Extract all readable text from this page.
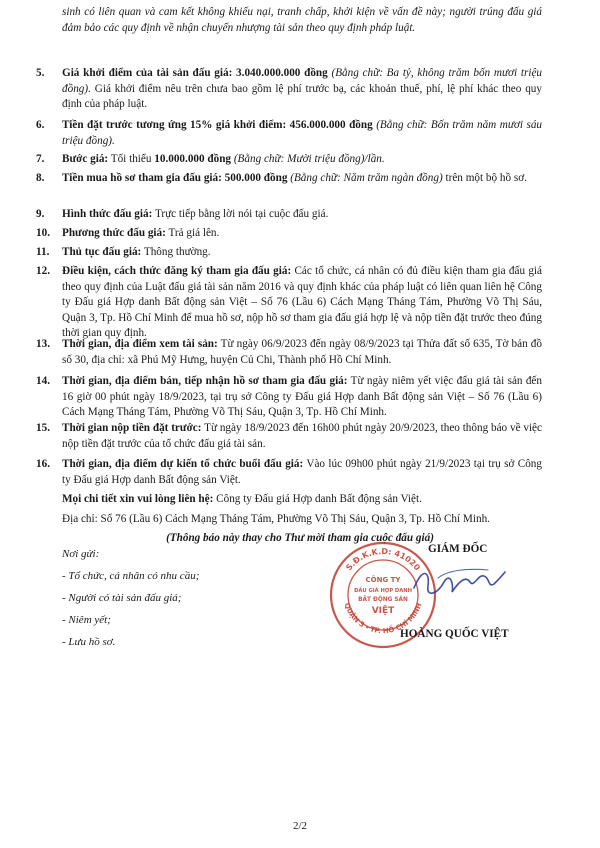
sinh có liên quan và cam kết không khiếu nại, tranh chấp, khởi kiện về vấn đề này; người trúng đấu giá đảm bảo các quy định về nhận chuyển nhượng tài sản theo quy định pháp luật.
5. Giá khởi điểm của tài sản đấu giá: 3.040.000.000 đồng (Bằng chữ: Ba tỷ, không trăm bốn mươi triệu đồng). Giá khởi điểm nêu trên chưa bao gồm lệ phí trước bạ, các khoản thuế, phí, lệ phí khác theo quy định của pháp luật.
6. Tiền đặt trước tương ứng 15% giá khởi điểm: 456.000.000 đồng (Bằng chữ: Bốn trăm năm mươi sáu triệu đồng).
7. Bước giá: Tối thiểu 10.000.000 đồng (Bằng chữ: Mười triệu đồng)/lần.
8. Tiền mua hồ sơ tham gia đấu giá: 500.000 đồng (Bằng chữ: Năm trăm ngàn đồng) trên một bộ hồ sơ.
9. Hình thức đấu giá: Trực tiếp bằng lời nói tại cuộc đấu giá.
10. Phương thức đấu giá: Trả giá lên.
11. Thủ tục đấu giá: Thông thường.
12. Điều kiện, cách thức đăng ký tham gia đấu giá: Các tổ chức, cá nhân có đủ điều kiện tham gia đấu giá theo quy định của Luật đấu giá tài sản năm 2016 và quy định khác của pháp luật có liên quan liên hệ Công ty Đấu giá Hợp danh Bất động sản Việt – Số 76 (Lầu 6) Cách Mạng Tháng Tám, Phường Võ Thị Sáu, Quận 3, Tp. Hồ Chí Minh để mua hồ sơ, nộp hồ sơ tham gia đấu giá hợp lệ và nộp tiền đặt trước theo đúng thời gian quy định.
13. Thời gian, địa điểm xem tài sản: Từ ngày 06/9/2023 đến ngày 08/9/2023 tại Thửa đất số 635, Tờ bản đồ số 30, địa chỉ: xã Phú Mỹ Hưng, huyện Củ Chi, Thành phố Hồ Chí Minh.
14. Thời gian, địa điểm bán, tiếp nhận hồ sơ tham gia đấu giá: Từ ngày niêm yết việc đấu giá tài sản đến 16 giờ 00 phút ngày 18/9/2023, tại trụ sở Công ty Đấu giá Hợp danh Bất động sản Việt – Số 76 (Lầu 6) Cách Mạng Tháng Tám, Phường Võ Thị Sáu, Quận 3, Tp. Hồ Chí Minh.
15. Thời gian nộp tiền đặt trước: Từ ngày 18/9/2023 đến 16h00 phút ngày 20/9/2023, theo thông báo về việc nộp tiền đặt trước của tổ chức đấu giá tài sản.
16. Thời gian, địa điểm dự kiến tổ chức buổi đấu giá: Vào lúc 09h00 phút ngày 21/9/2023 tại trụ sở Công ty Đấu giá Hợp danh Bất động sản Việt.
Mọi chi tiết xin vui lòng liên hệ: Công ty Đấu giá Hợp danh Bất động sản Việt.
Địa chỉ: Số 76 (Lầu 6) Cách Mạng Tháng Tám, Phường Võ Thị Sáu, Quận 3, Tp. Hồ Chí Minh.
(Thông báo này thay cho Thư mời tham gia cuộc đấu giá)
Nơi gửi:
- Tổ chức, cá nhân có nhu cầu;
- Người có tài sản đấu giá;
- Niêm yết;
- Lưu hồ sơ.
S.Đ.K.K.D: 41020
QUẬN 3 - TP. HỒ CHÍ MINH
CÔNG TY
ĐẤU GIÁ HỢP DANH
BẤT ĐỘNG SẢN
VIỆT
GIÁM ĐỐC
HOÀNG QUỐC VIỆT
2/2
